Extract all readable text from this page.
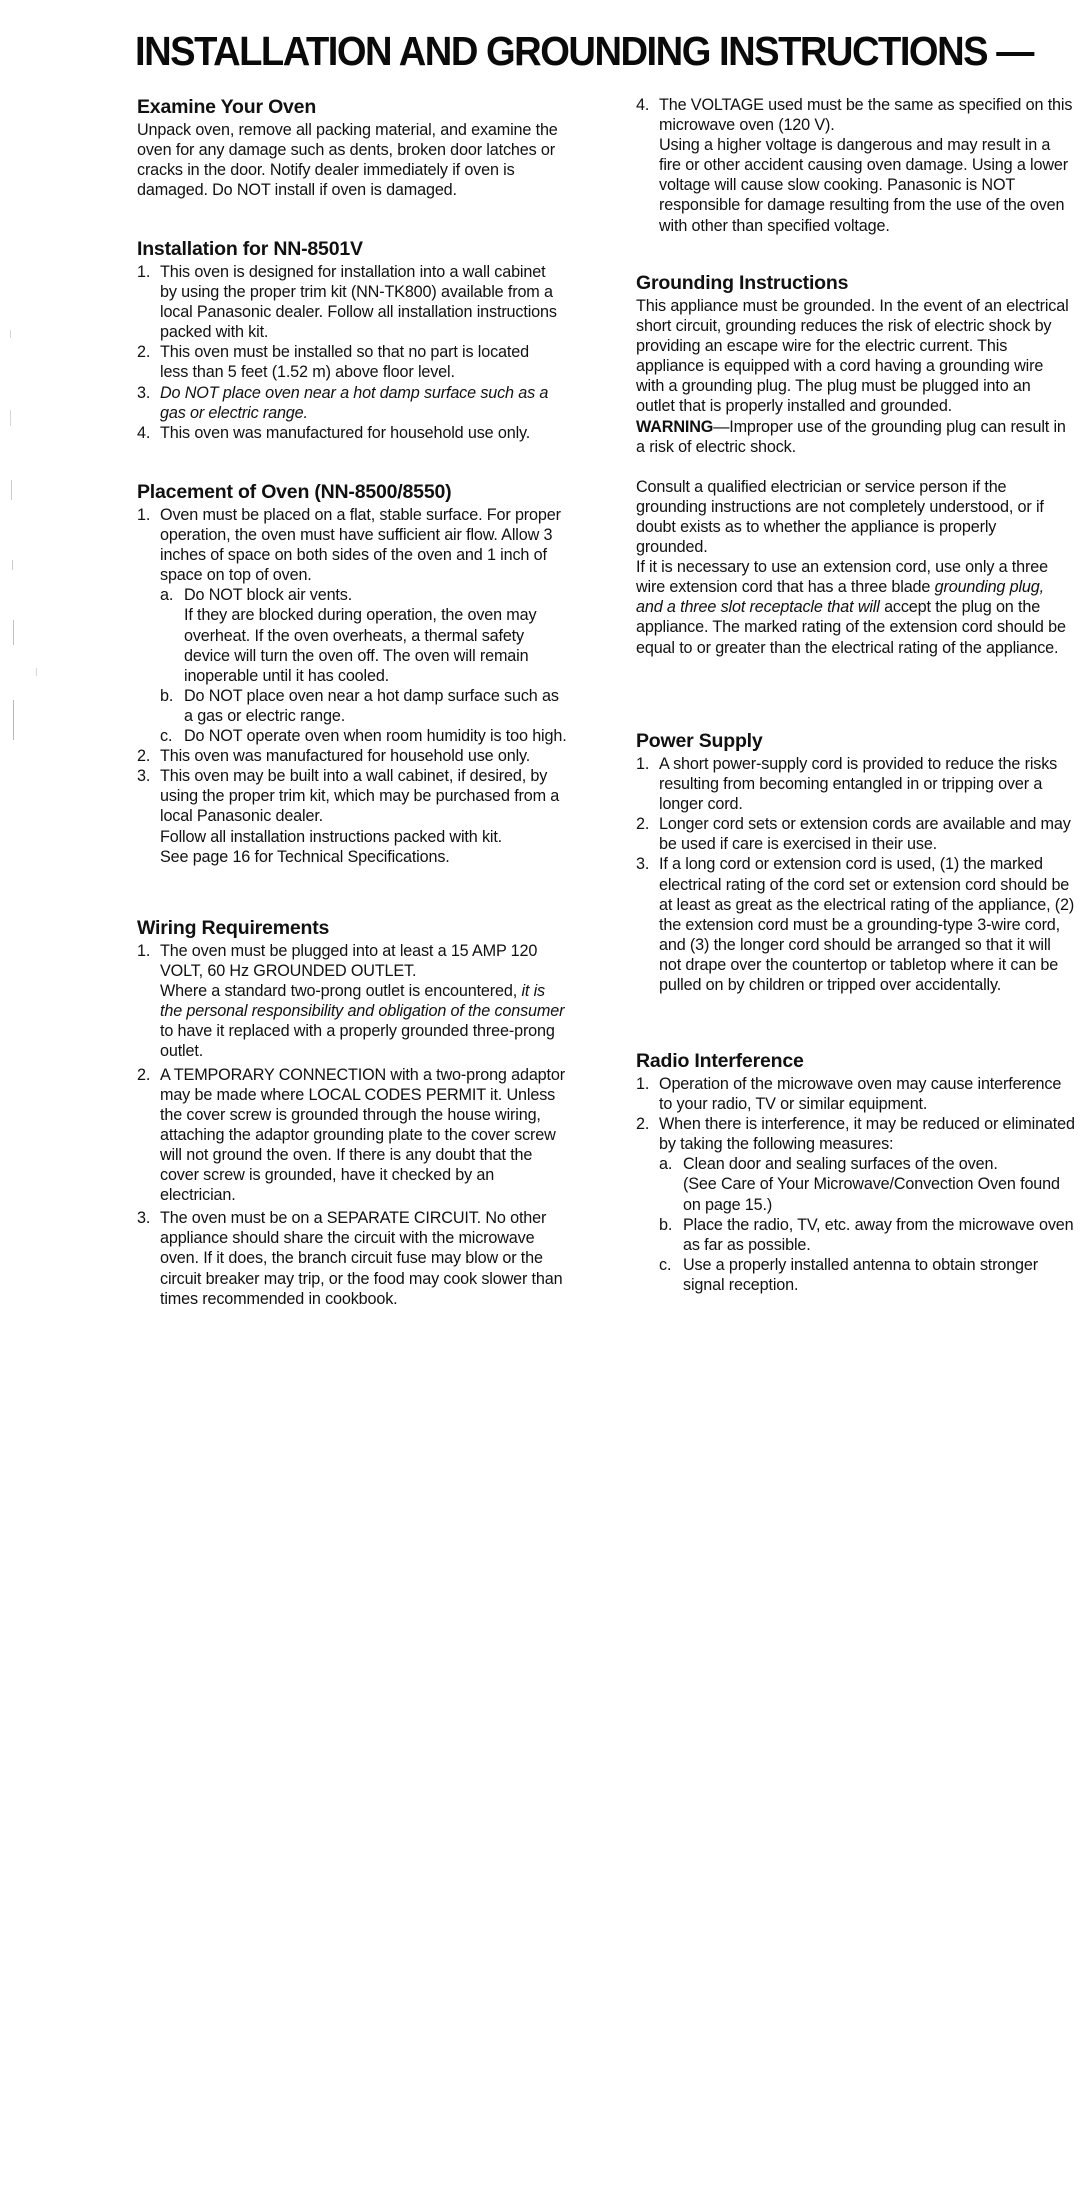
INSTALLATION AND GROUNDING INSTRUCTIONS —
Examine Your Oven

Unpack oven, remove all packing material, and examine the oven for any damage such as dents, broken door latches or cracks in the door. Notify dealer immediately if oven is damaged. Do NOT install if oven is damaged.

Installation for NN-8501V
1. This oven is designed for installation into a wall cabinet by using the proper trim kit (NN-TK800) available from a local Panasonic dealer. Follow all installation instructions packed with kit.
2. This oven must be installed so that no part is located less than 5 feet (1.52 m) above floor level.
3. Do NOT place oven near a hot damp surface such as a gas or electric range.
4. This oven was manufactured for household use only.
Placement of Oven (NN-8500/8550)
1. Oven must be placed on a flat, stable surface. For proper operation, the oven must have sufficient air flow. Allow 3 inches of space on both sides of the oven and 1 inch of space on top of oven.
a. Do NOT block air vents.
If they are blocked during operation, the oven may overheat. If the oven overheats, a thermal safety device will turn the oven off. The oven will remain inoperable until it has cooled.
b. Do NOT place oven near a hot damp surface such as a gas or electric range.
c. Do NOT operate oven when room humidity is too high.
2. This oven was manufactured for household use only.
3. This oven may be built into a wall cabinet, if desired, by using the proper trim kit, which may be purchased from a local Panasonic dealer.
Follow all installation instructions packed with kit.
See page 16 for Technical Specifications.
Wiring Requirements
1. The oven must be plugged into at least a 15 AMP 120 VOLT, 60 Hz GROUNDED OUTLET.
Where a standard two-prong outlet is encountered, it is the personal responsibility and obligation of the consumer to have it replaced with a properly grounded three-prong outlet.
2. A TEMPORARY CONNECTION with a two-prong adaptor may be made where LOCAL CODES PERMIT it. Unless the cover screw is grounded through the house wiring, attaching the adaptor grounding plate to the cover screw will not ground the oven. If there is any doubt that the cover screw is grounded, have it checked by an electrician.
3. The oven must be on a SEPARATE CIRCUIT. No other appliance should share the circuit with the microwave oven. If it does, the branch circuit fuse may blow or the circuit breaker may trip, or the food may cook slower than times recommended in cookbook.
4. The VOLTAGE used must be the same as specified on this microwave oven (120 V).
Using a higher voltage is dangerous and may result in a fire or other accident causing oven damage. Using a lower voltage will cause slow cooking. Panasonic is NOT responsible for damage resulting from the use of the oven with other than specified voltage.
Grounding Instructions

This appliance must be grounded. In the event of an electrical short circuit, grounding reduces the risk of electric shock by providing an escape wire for the electric current. This appliance is equipped with a cord having a grounding wire with a grounding plug. The plug must be plugged into an outlet that is properly installed and grounded.

WARNING—Improper use of the grounding plug can result in a risk of electric shock.

Consult a qualified electrician or service person if the grounding instructions are not completely understood, or if doubt exists as to whether the appliance is properly grounded.

If it is necessary to use an extension cord, use only a three wire extension cord that has a three blade grounding plug, and a three slot receptacle that will accept the plug on the appliance. The marked rating of the extension cord should be equal to or greater than the electrical rating of the appliance.

Power Supply
1. A short power-supply cord is provided to reduce the risks resulting from becoming entangled in or tripping over a longer cord.
2. Longer cord sets or extension cords are available and may be used if care is exercised in their use.
3. If a long cord or extension cord is used, (1) the marked electrical rating of the cord set or extension cord should be at least as great as the electrical rating of the appliance, (2) the extension cord must be a grounding-type 3-wire cord, and (3) the longer cord should be arranged so that it will not drape over the countertop or tabletop where it can be pulled on by children or tripped over accidentally.
Radio Interference
1. Operation of the microwave oven may cause interference to your radio, TV or similar equipment.
2. When there is interference, it may be reduced or eliminated by taking the following measures:
a. Clean door and sealing surfaces of the oven.
(See Care of Your Microwave/Convection Oven found on page 15.)
b. Place the radio, TV, etc. away from the microwave oven as far as possible.
c. Use a properly installed antenna to obtain stronger signal reception.
